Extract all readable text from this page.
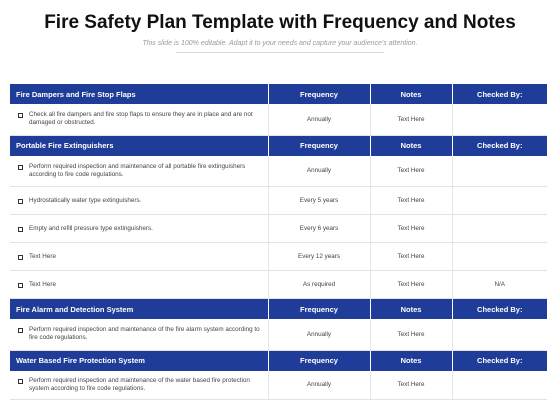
Fire Safety Plan Template with Frequency and Notes
This slide is 100% editable. Adapt it to your needs and capture your audience's attention.
Fire Dampers and Fire Stop Flaps	Frequency	Notes	Checked By:

Check all fire dampers and fire stop flaps to ensure they are in place and are not damaged or obstructed.	Annually	Text Here	
Portable Fire Extinguishers	Frequency	Notes	Checked By:

Perform required inspection and maintenance of all portable fire extinguishers according to fire code regulations.	Annually	Text Here	

Hydrostatically water type extinguishers.	Every 5 years	Text Here	

Empty and refill pressure type extinguishers.	Every 6 years	Text Here	

Text Here	Every 12 years	Text Here	

Text Here	As required	Text Here	N/A
Fire Alarm and Detection System	Frequency	Notes	Checked By:

Perform required inspection and maintenance of the fire alarm system according to fire code regulations.	Annually	Text Here	
Water Based Fire Protection System	Frequency	Notes	Checked By:

Perform required inspection and maintenance of the water based fire protection system according to fire code regulations.	Annually	Text Here	
